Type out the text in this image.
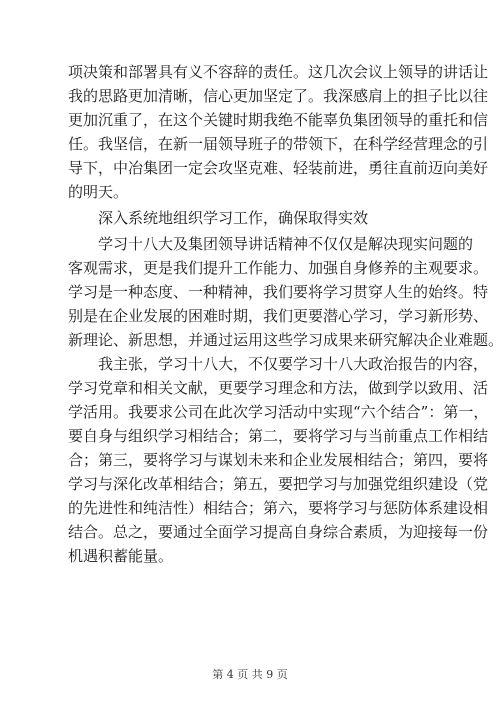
项决策和部署具有义不容辞的责任。这几次会议上领导的讲话让
我的思路更加清晰，信心更加坚定了。我深感肩上的担子比以往
更加沉重了，在这个关键时期我绝不能辜负集团领导的重托和信
任。我坚信，在新一届领导班子的带领下，在科学经营理念的引
导下，中冶集团一定会攻坚克难、轻装前进，勇往直前迈向美好
的明天。
深入系统地组织学习工作，确保取得实效
学习十八大及集团领导讲话精神不仅仅是解决现实问题的
客观需求，更是我们提升工作能力、加强自身修养的主观要求。
学习是一种态度、一种精神，我们要将学习贯穿人生的始终。特
别是在企业发展的困难时期，我们更要潜心学习，学习新形势、
新理论、新思想，并通过运用这些学习成果来研究解决企业难题。
我主张，学习十八大，不仅要学习十八大政治报告的内容，
学习党章和相关文献，更要学习理念和方法，做到学以致用、活
学活用。我要求公司在此次学习活动中实现“六个结合”：第一，
要自身与组织学习相结合；第二，要将学习与当前重点工作相结
合；第三，要将学习与谋划未来和企业发展相结合；第四，要将
学习与深化改革相结合；第五，要把学习与加强党组织建设（党
的先进性和纯洁性）相结合；第六，要将学习与惩防体系建设相
结合。总之，要通过全面学习提高自身综合素质，为迎接每一份
机遇积蓄能量。
第 4 页 共 9 页
